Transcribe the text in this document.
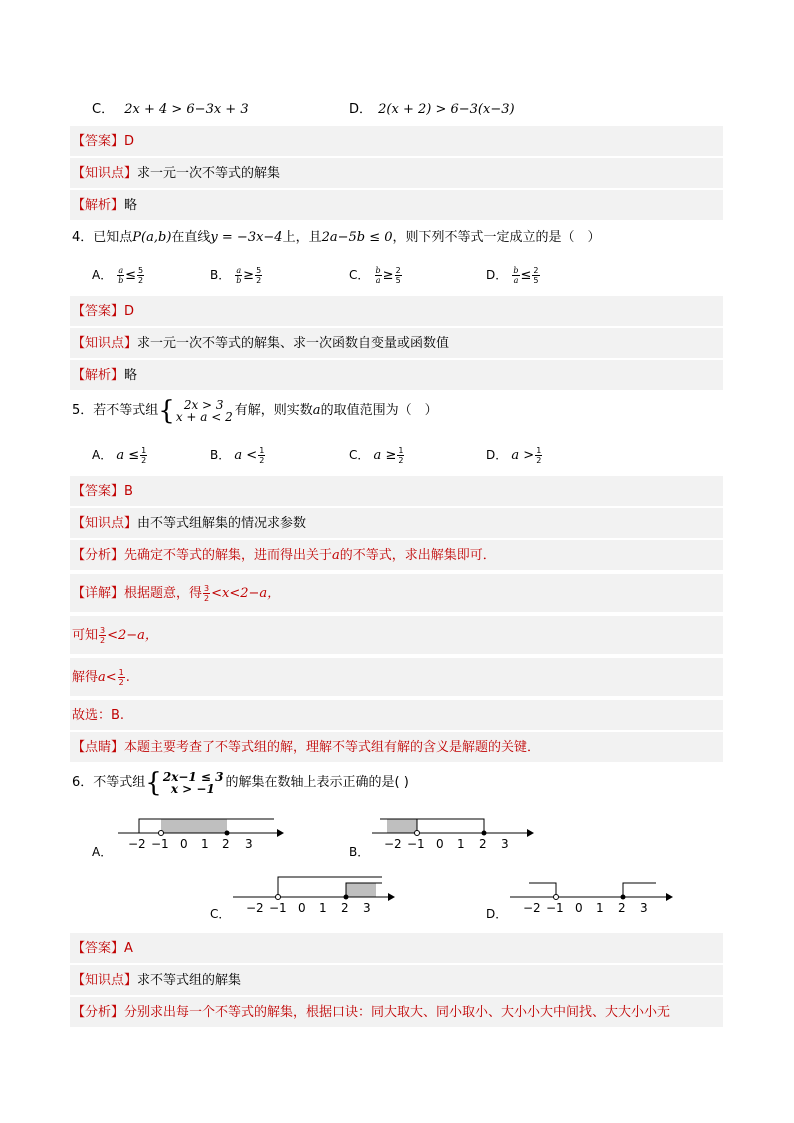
C． 2x + 4 > 6−3x + 3	D． 2(x + 2) > 6−3(x−3)
【答案】D
【知识点】求一元一次不等式的解集
【解析】略
4．已知点P(a,b)在直线y = −3x−4上，且2a−5b ≤ 0，则下列不等式一定成立的是（　）
A． $\frac{a}{b} \le \frac{5}{2}$	B． $\frac{a}{b} \ge \frac{5}{2}$	C． $\frac{b}{a} \ge \frac{2}{5}$	D． $\frac{b}{a} \le \frac{2}{5}$
【答案】D
【知识点】求一元一次不等式的解集、求一次函数自变量或函数值
【解析】略
5．若不等式组{ 2x > 3
x + a < 2 有解，则实数a的取值范围为（　）
A． $a \le \frac{1}{2}$	B． $a < \frac{1}{2}$	C． $a \ge \frac{1}{2}$	D． $a > \frac{1}{2}$
【答案】B
【知识点】由不等式组解集的情况求参数
【分析】先确定不等式的解集，进而得出关于a的不等式，求出解集即可．
【详解】根据题意，得 $\frac{3}{2} <x<2-a$，
可知 $\frac{3}{2} <2-a$，
解得$a< \frac{1}{2}$ .
故选：B.
【点睛】本题主要考查了不等式组的解，理解不等式组有解的含义是解题的关键．
6．不等式组{ 2x−1 ≤ 3
x > −1 的解集在数轴上表示正确的是( )
A．
−2 −1 0 1 2 3
B．
−2 −1 0 1 2 3
C． −2 −1 0 1 2 3	D． −2 −1 0 1 2 3
【答案】A
【知识点】求不等式组的解集
【分析】分别求出每一个不等式的解集，根据口诀：同大取大、同小取小、大小小大中间找、大大小小无
